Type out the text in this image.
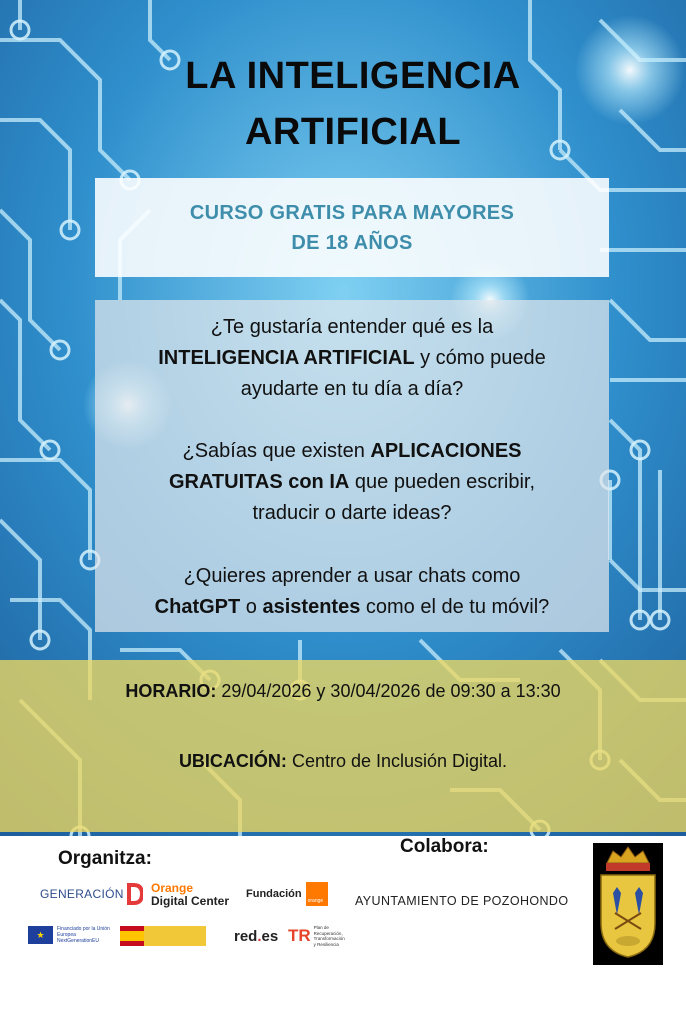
LA INTELIGENCIA
ARTIFICIAL
CURSO GRATIS PARA MAYORES
DE 18 AÑOS
¿Te gustaría entender qué es la
INTELIGENCIA ARTIFICIAL y cómo puede
ayudarte en tu día a día?
¿Sabías que existen APLICACIONES
GRATUITAS con IA que pueden escribir,
traducir o darte ideas?
¿Quieres aprender a usar chats como
ChatGPT o asistentes como el de tu móvil?
HORARIO: 29/04/2026 y 30/04/2026 de 09:30 a 13:30
UBICACIÓN: Centro de Inclusión Digital.
Organitza:
Colabora:
AYUNTAMIENTO DE POZOHONDO
GENERACIÓN Orange
Digital Center Fundación
orange
★
Financiado por la Unión Europea NextGenerationEU	red.es TR Plan de Recuperación, Transformación y Resiliencia
